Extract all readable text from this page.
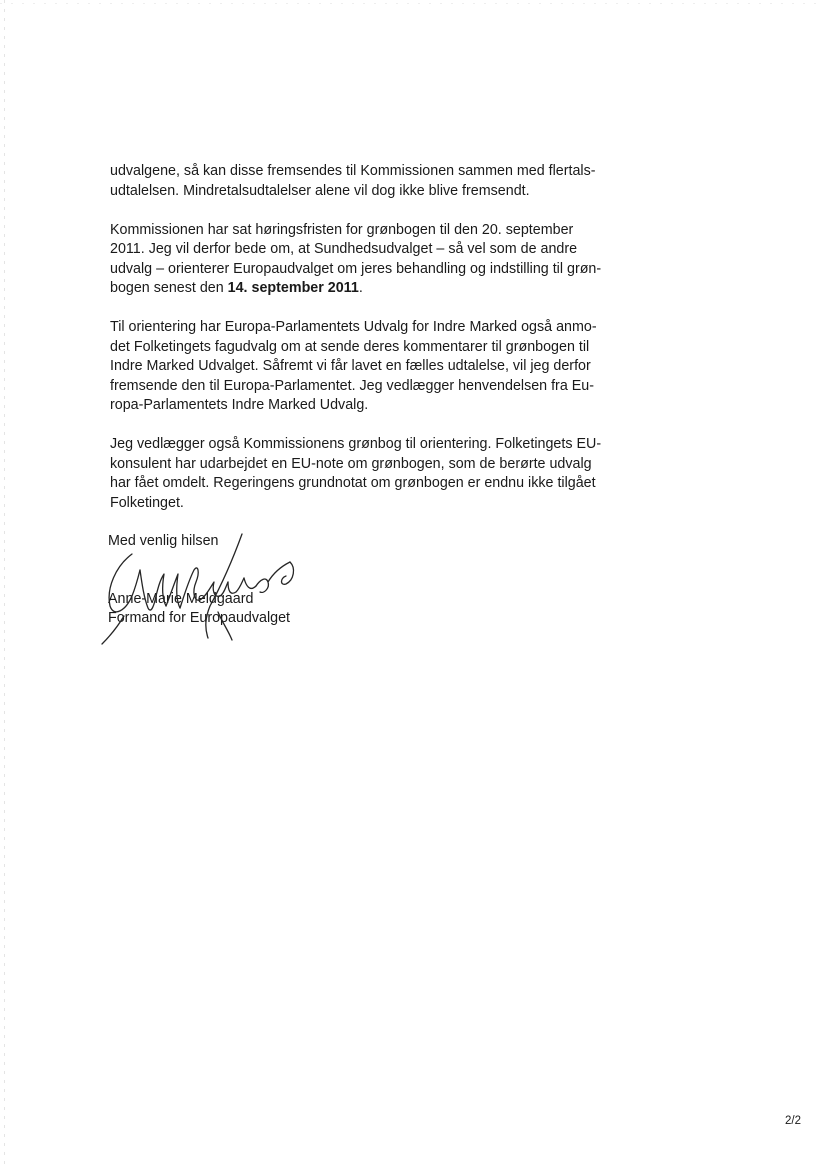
udvalgene, så kan disse fremsendes til Kommissionen sammen med flertals-
udtalelsen. Mindretalsudtalelser alene vil dog ikke blive fremsendt.

Kommissionen har sat høringsfristen for grønbogen til den 20. september
2011. Jeg vil derfor bede om, at Sundhedsudvalget – så vel som de andre
udvalg – orienterer Europaudvalget om jeres behandling og indstilling til grøn-
bogen senest den 14. september 2011.

Til orientering har Europa-Parlamentets Udvalg for Indre Marked også anmo-
det Folketingets fagudvalg om at sende deres kommentarer til grønbogen til
Indre Marked Udvalget. Såfremt vi får lavet en fælles udtalelse, vil jeg derfor
fremsende den til Europa-Parlamentet. Jeg vedlægger henvendelsen fra Eu-
ropa-Parlamentets Indre Marked Udvalg.

Jeg vedlægger også Kommissionens grønbog til orientering. Folketingets EU-
konsulent har udarbejdet en EU-note om grønbogen, som de berørte udvalg
har fået omdelt. Regeringens grundnotat om grønbogen er endnu ikke tilgået
Folketinget.

Med venlig hilsen
Anne-Marie Meldgaard
Formand for Europaudvalget
2/2
